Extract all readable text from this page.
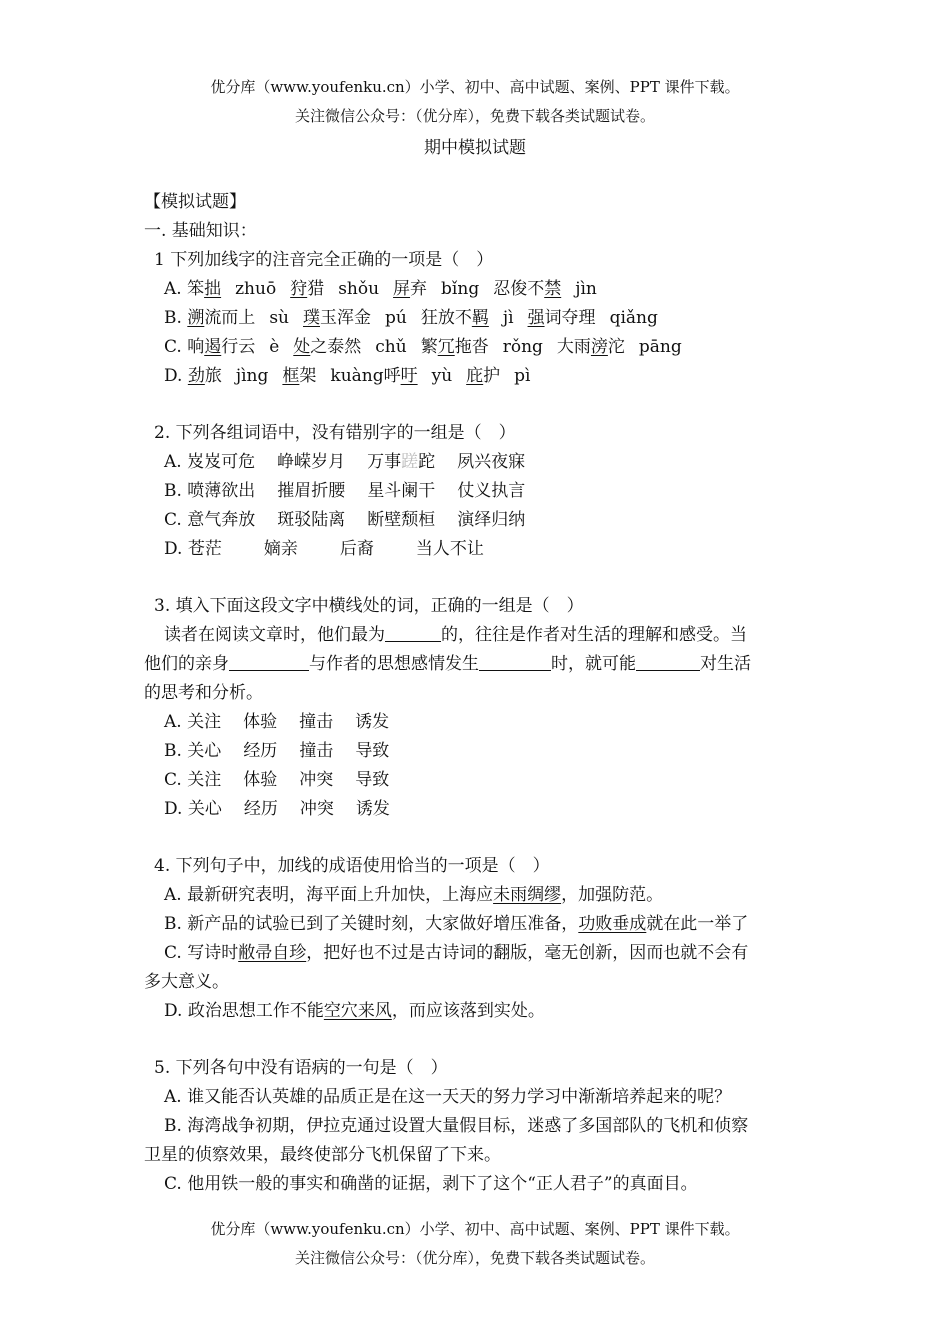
优分库（www.youfenku.cn）小学、初中、高中试题、案例、PPT 课件下载。
关注微信公众号：（优分库），免费下载各类试题试卷。
期中模拟试题
【模拟试题】
一. 基础知识：
1 下列加线字的注音完全正确的一项是（　）
A. 笨拙 zhuō 狩猎 shǒu 屏弃 bǐng 忍俊不禁 jìn
B. 溯流而上 sù 璞玉浑金 pú 狂放不羁 jì 强词夺理 qiǎng
C. 响遏行云 è 处之泰然 chǔ 繁冗拖沓 rǒng 大雨滂沱 pāng
D. 劲旅 jìng 框架 kuàng呼吁 yù 庇护 pì
2. 下列各组词语中，没有错别字的一组是（　）
A. 岌岌可危 峥嵘岁月 万事蹉跎 夙兴夜寐
B. 喷薄欲出 摧眉折腰 星斗阑干 仗义执言
C. 意气奔放 斑驳陆离 断壁颓桓 演绎归纳
D. 苍茫 嫡亲 后裔 当人不让
3. 填入下面这段文字中横线处的词，正确的一组是（　）
读者在阅读文章时，他们最为	的，往往是作者对生活的理解和感受。当
他们的亲身	与作者的思想感情发生	时，就可能	对生活
的思考和分析。
A. 关注 体验 撞击 诱发
B. 关心 经历 撞击 导致
C. 关注 体验 冲突 导致
D. 关心 经历 冲突 诱发
4. 下列句子中，加线的成语使用恰当的一项是（　）
A. 最新研究表明，海平面上升加快，上海应未雨绸缪，加强防范。
B. 新产品的试验已到了关键时刻，大家做好增压准备，功败垂成就在此一举了
C. 写诗时敝帚自珍，把好也不过是古诗词的翻版，毫无创新，因而也就不会有
多大意义。
D. 政治思想工作不能空穴来风，而应该落到实处。
5. 下列各句中没有语病的一句是（　）
A. 谁又能否认英雄的品质正是在这一天天的努力学习中渐渐培养起来的呢？
B. 海湾战争初期，伊拉克通过设置大量假目标，迷惑了多国部队的飞机和侦察
卫星的侦察效果，最终使部分飞机保留了下来。
C. 他用铁一般的事实和确凿的证据，剥下了这个“正人君子”的真面目。
优分库（www.youfenku.cn）小学、初中、高中试题、案例、PPT 课件下载。
关注微信公众号：（优分库），免费下载各类试题试卷。
